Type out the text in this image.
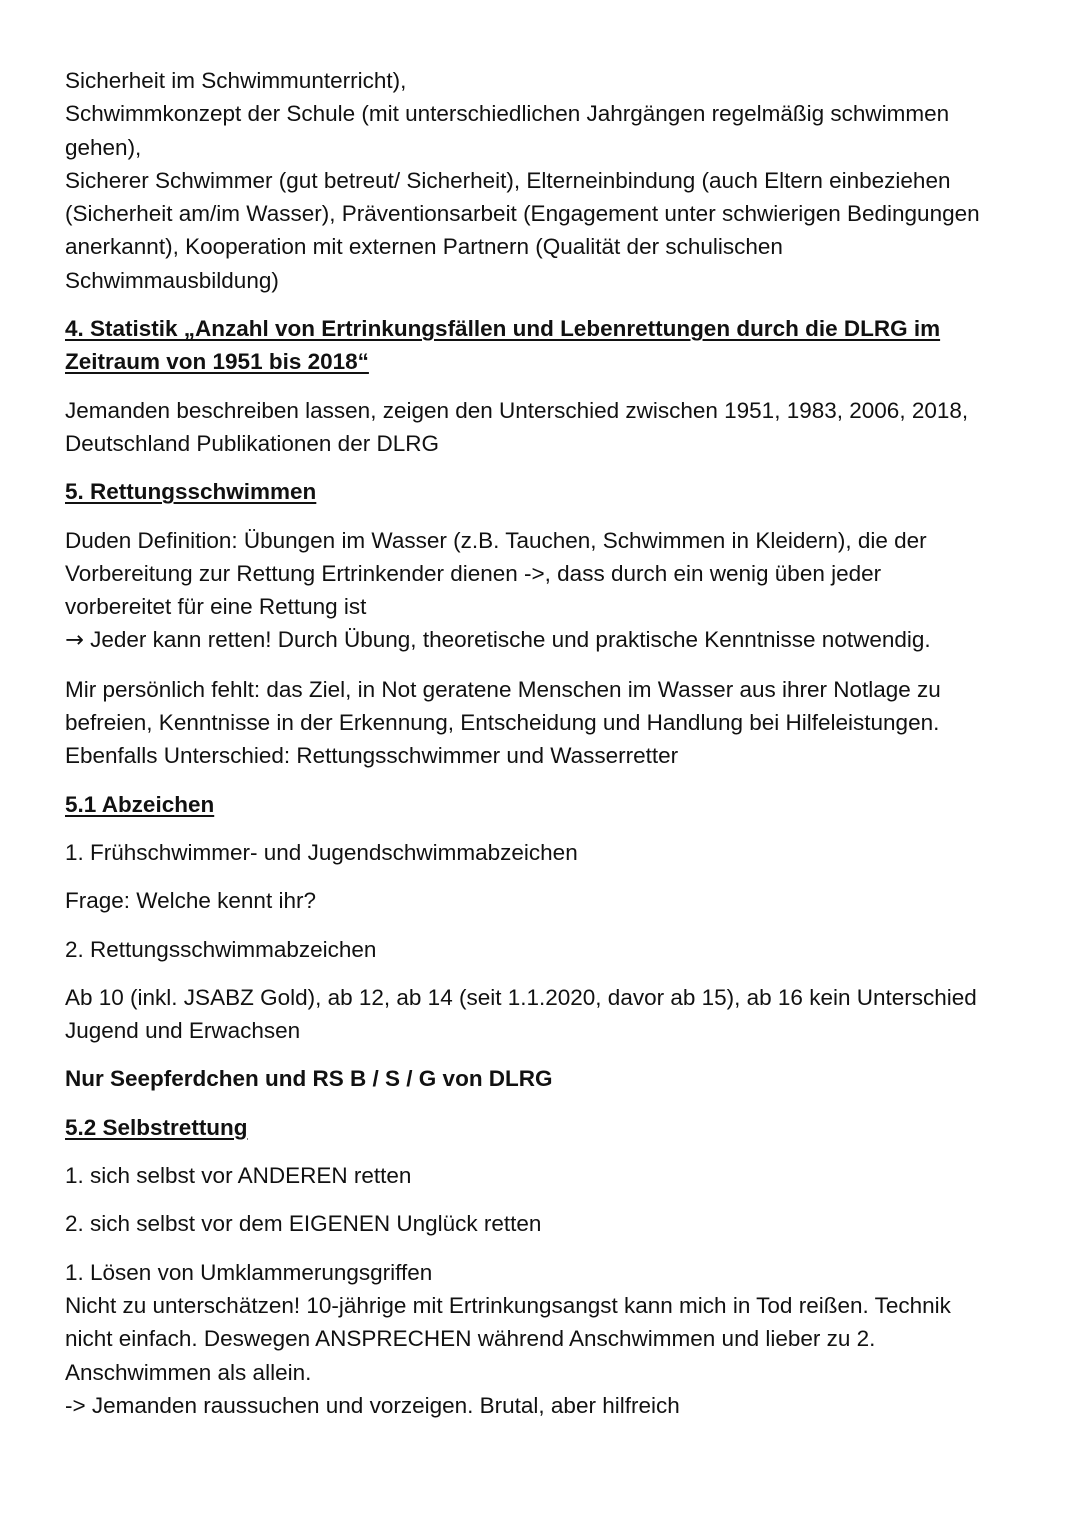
Sicherheit im Schwimmunterricht),
Schwimmkonzept der Schule (mit unterschiedlichen Jahrgängen regelmäßig schwimmen
gehen),
Sicherer Schwimmer (gut betreut/ Sicherheit), Elterneinbindung (auch Eltern einbeziehen
(Sicherheit am/im Wasser), Präventionsarbeit (Engagement unter schwierigen Bedingungen
anerkannt), Kooperation mit externen Partnern (Qualität der schulischen
Schwimmausbildung)

4. Statistik „Anzahl von Ertrinkungsfällen und Lebenrettungen durch die DLRG im
Zeitraum von 1951 bis 2018“

Jemanden beschreiben lassen, zeigen den Unterschied zwischen 1951, 1983, 2006, 2018,
Deutschland Publikationen der DLRG

5. Rettungsschwimmen

Duden Definition: Übungen im Wasser (z.B. Tauchen, Schwimmen in Kleidern), die der
Vorbereitung zur Rettung Ertrinkender dienen ->, dass durch ein wenig üben jeder
vorbereitet für eine Rettung ist
→ Jeder kann retten! Durch Übung, theoretische und praktische Kenntnisse notwendig.

Mir persönlich fehlt: das Ziel, in Not geratene Menschen im Wasser aus ihrer Notlage zu
befreien, Kenntnisse in der Erkennung, Entscheidung und Handlung bei Hilfeleistungen.
Ebenfalls Unterschied: Rettungsschwimmer und Wasserretter

5.1 Abzeichen

1. Frühschwimmer- und Jugendschwimmabzeichen

Frage: Welche kennt ihr?

2. Rettungsschwimmabzeichen

Ab 10 (inkl. JSABZ Gold), ab 12, ab 14 (seit 1.1.2020, davor ab 15), ab 16 kein Unterschied
Jugend und Erwachsen

Nur Seepferdchen und RS B / S / G von DLRG

5.2 Selbstrettung

1. sich selbst vor ANDEREN retten

2. sich selbst vor dem EIGENEN Unglück retten

1. Lösen von Umklammerungsgriffen
Nicht zu unterschätzen! 10-jährige mit Ertrinkungsangst kann mich in Tod reißen. Technik
nicht einfach. Deswegen ANSPRECHEN während Anschwimmen und lieber zu 2.
Anschwimmen als allein.
-> Jemanden raussuchen und vorzeigen. Brutal, aber hilfreich
